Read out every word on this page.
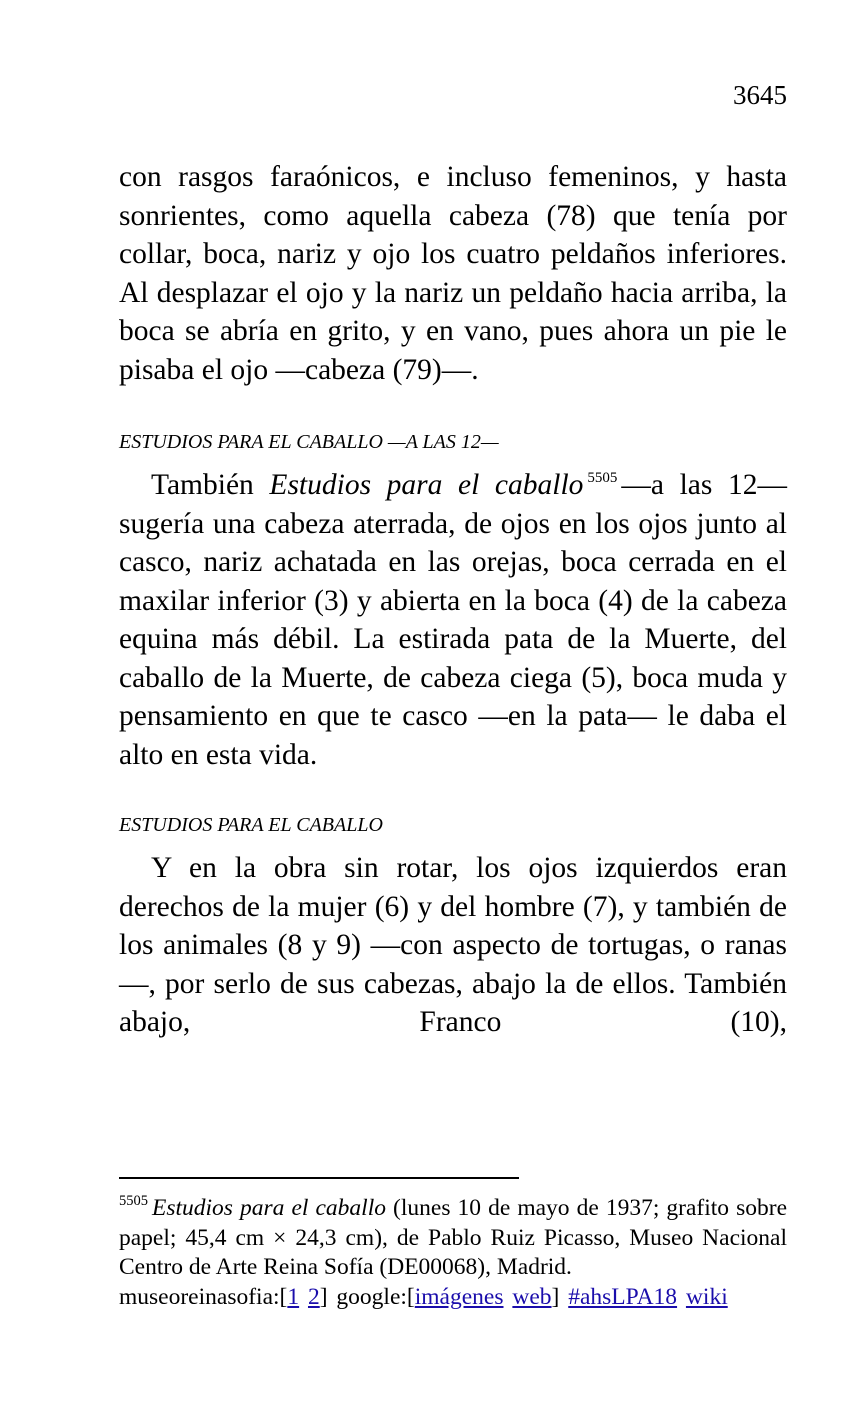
3645

con rasgos faraónicos, e incluso femeninos, y hasta sonrientes, como aquella cabeza (78) que tenía por collar, boca, nariz y ojo los cuatro peldaños inferiores. Al desplazar el ojo y la nariz un peldaño hacia arriba, la boca se abría en grito, y en vano, pues ahora un pie le pisaba el ojo —cabeza (79)—.

ESTUDIOS PARA EL CABALLO —A LAS 12—

También Estudios para el caballo $^{5505}$ —a las 12— sugería una cabeza aterrada, de ojos en los ojos junto al casco, nariz achatada en las orejas, boca cerrada en el maxilar inferior (3) y abierta en la boca (4) de la cabeza equina más débil. La estirada pata de la Muerte, del caballo de la Muerte, de cabeza ciega (5), boca muda y pensamiento en que te casco —en la pata— le daba el alto en esta vida.

ESTUDIOS PARA EL CABALLO

Y en la obra sin rotar, los ojos izquierdos eran derechos de la mujer (6) y del hombre (7), y también de los animales (8 y 9) —con aspecto de tortugas, o ranas—, por serlo de sus cabezas, abajo la de ellos. También abajo, Franco (10),

$^{5505}$ Estudios para el caballo (lunes 10 de mayo de 1937; grafito sobre papel; 45,4 cm × 24,3 cm), de Pablo Ruiz Picasso, Museo Nacional Centro de Arte Reina Sofía (DE00068), Madrid.

museoreinasofia:[1 2] google:[imágenes web] #ahsLPA18 wiki
